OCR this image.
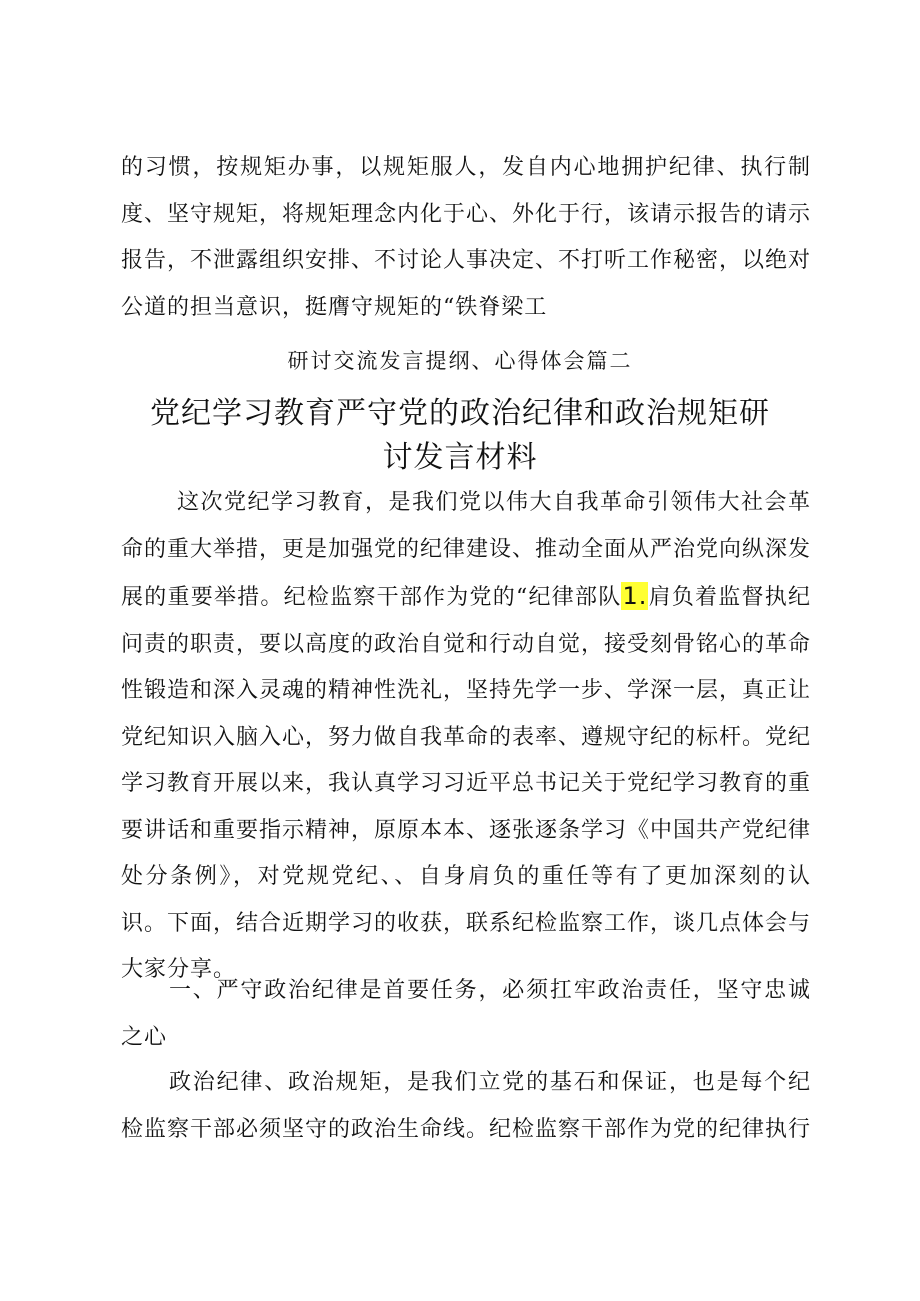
的习惯，按规矩办事，以规矩服人，发自内心地拥护纪律、执行制度、坚守规矩，将规矩理念内化于心、外化于行，该请示报告的请示报告，不泄露组织安排、不讨论人事决定、不打听工作秘密，以绝对公道的担当意识，挺膺守规矩的“铁脊梁工

研讨交流发言提纲、心得体会篇二

党纪学习教育严守党的政治纪律和政治规矩研讨发言材料

这次党纪学习教育，是我们党以伟大自我革命引领伟大社会革命的重大举措，更是加强党的纪律建设、推动全面从严治党向纵深发展的重要举措。纪检监察干部作为党的“纪律部队1.肩负着监督执纪问责的职责，要以高度的政治自觉和行动自觉，接受刻骨铭心的革命性锻造和深入灵魂的精神性洗礼，坚持先学一步、学深一层，真正让党纪知识入脑入心，努力做自我革命的表率、遵规守纪的标杆。党纪学习教育开展以来，我认真学习习近平总书记关于党纪学习教育的重要讲话和重要指示精神，原原本本、逐张逐条学习《中国共产党纪律处分条例》，对党规党纪、、自身肩负的重任等有了更加深刻的认识。下面，结合近期学习的收获，联系纪检监察工作，谈几点体会与大家分享。

一、严守政治纪律是首要任务，必须扛牢政治责任，坚守忠诚之心

政治纪律、政治规矩，是我们立党的基石和保证，也是每个纪检监察干部必须坚守的政治生命线。纪检监察干部作为党的纪律执行
